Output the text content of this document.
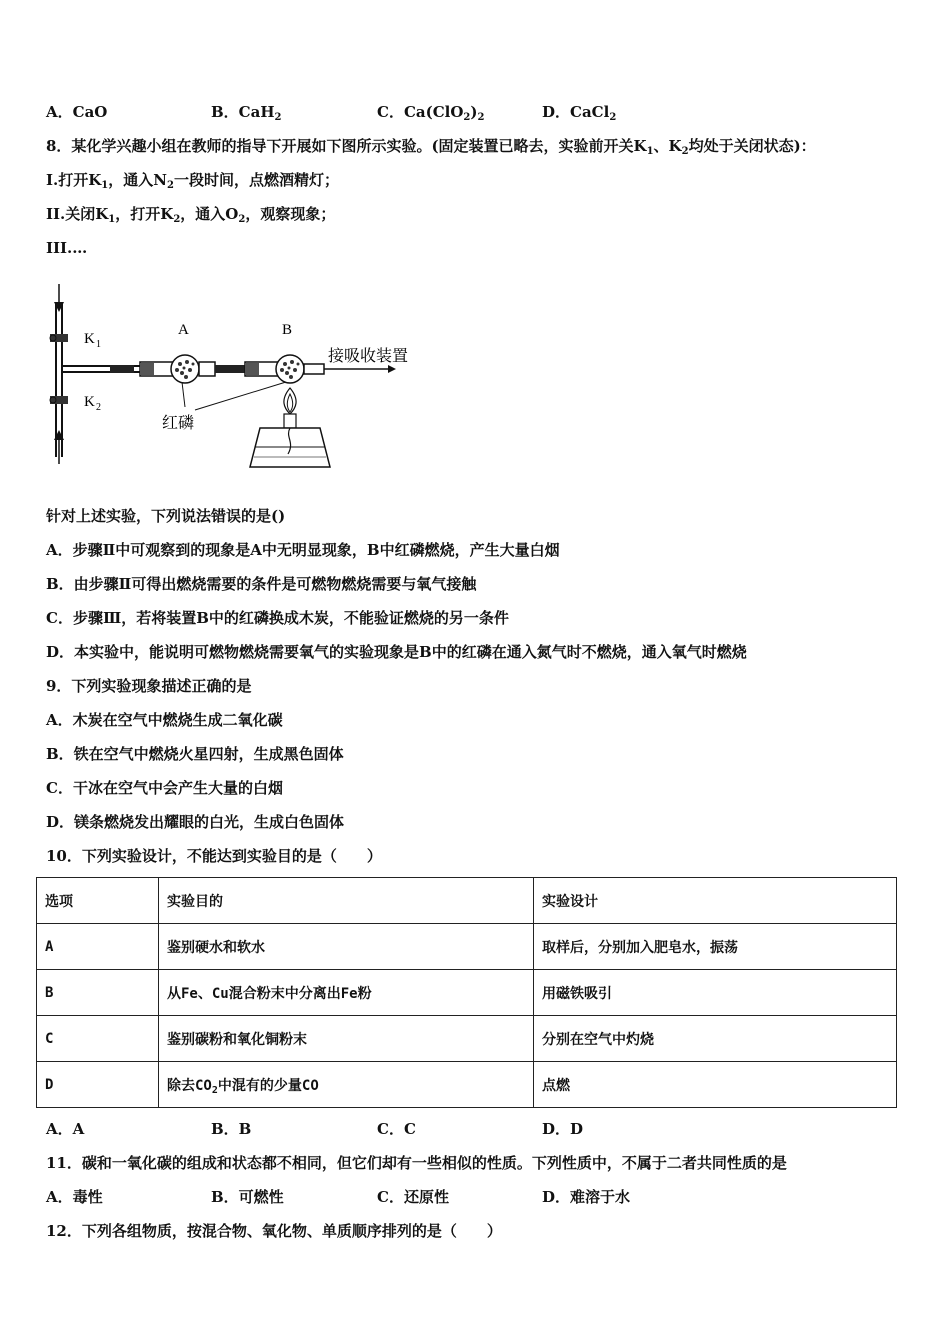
A．CaO	B．CaH$_2$	C．$Ca(ClO_2)_2$	D．CaCl$_2$
8．某化学兴趣小组在教师的指导下开展如下图所示实验。(固定装置已略去，实验前开关$K_1$、$K_2$均处于关闭状态)：
I.打开$K_1$，通入$N_2$一段时间，点燃酒精灯；
II.关闭$K_1$，打开$K_2$，通入$O_2$，观察现象；
III.…
K 1
K 2
A	B
接吸收装置
红磷
针对上述实验，下列说法错误的是()
A．步骤Ⅱ中可观察到的现象是A中无明显现象，B中红磷燃烧，产生大量白烟
B．由步骤Ⅱ可得出燃烧需要的条件是可燃物燃烧需要与氧气接触
C．步骤Ⅲ，若将装置B中的红磷换成木炭，不能验证燃烧的另一条件
D．本实验中，能说明可燃物燃烧需要氧气的实验现象是B中的红磷在通入氮气时不燃烧，通入氧气时燃烧
9．下列实验现象描述正确的是
A．木炭在空气中燃烧生成二氧化碳
B．铁在空气中燃烧火星四射，生成黑色固体
C．干冰在空气中会产生大量的白烟
D．镁条燃烧发出耀眼的白光，生成白色固体
10．下列实验设计，不能达到实验目的是（　　）
选项	实验目的	实验设计
A	鉴别硬水和软水	取样后，分别加入肥皂水，振荡
B	从Fe、Cu混合粉末中分离出Fe粉	用磁铁吸引
C	鉴别碳粉和氧化铜粉末	分别在空气中灼烧
D	除去$CO_2$中混有的少量CO	点燃
A．A	B．B	C．C	D．D
11．碳和一氧化碳的组成和状态都不相同，但它们却有一些相似的性质。下列性质中，不属于二者共同性质的是
A．毒性	B．可燃性	C．还原性	D．难溶于水
12．下列各组物质，按混合物、氧化物、单质顺序排列的是（　　）
